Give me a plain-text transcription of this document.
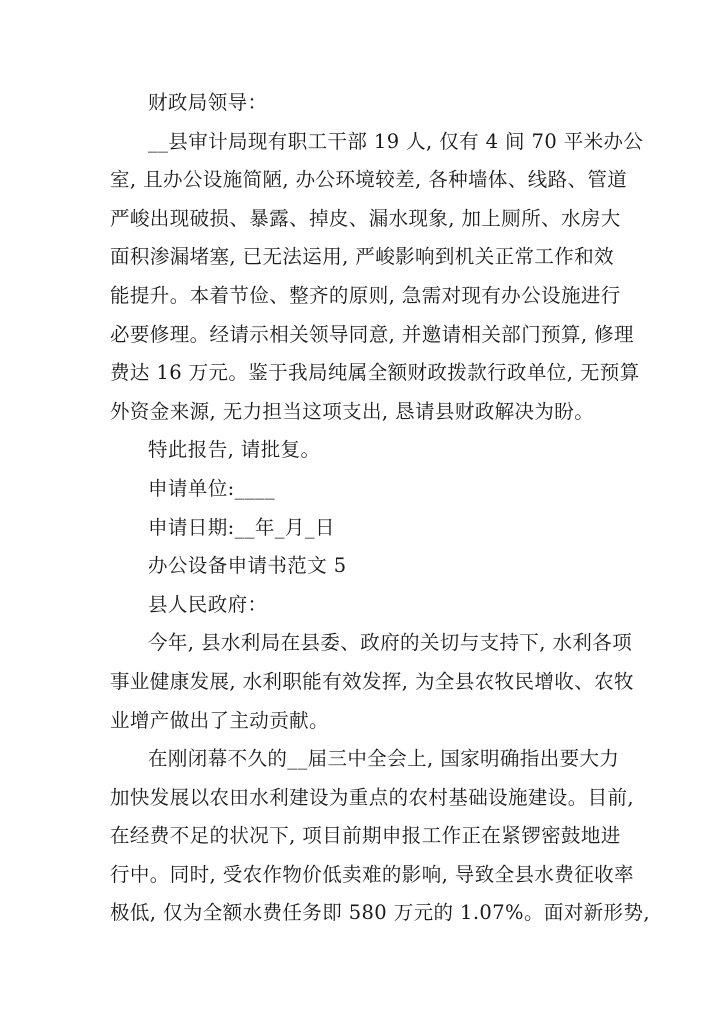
财政局领导：
__县审计局现有职工干部 19 人, 仅有 4 间 70 平米办公
室, 且办公设施简陋, 办公环境较差, 各种墙体、线路、管道
严峻出现破损、暴露、掉皮、漏水现象, 加上厕所、水房大
面积渗漏堵塞, 已无法运用, 严峻影响到机关正常工作和效
能提升。本着节俭、整齐的原则, 急需对现有办公设施进行
必要修理。经请示相关领导同意, 并邀请相关部门预算, 修理
费达 16 万元。鉴于我局纯属全额财政拨款行政单位, 无预算
外资金来源, 无力担当这项支出, 恳请县财政解决为盼。
特此报告, 请批复。
申请单位:____
申请日期:__年_月_日
办公设备申请书范文 5
县人民政府：
今年, 县水利局在县委、政府的关切与支持下, 水利各项
事业健康发展, 水利职能有效发挥, 为全县农牧民增收、农牧
业增产做出了主动贡献。
在刚闭幕不久的__届三中全会上, 国家明确指出要大力
加快发展以农田水利建设为重点的农村基础设施建设。目前,
在经费不足的状况下, 项目前期申报工作正在紧锣密鼓地进
行中。同时, 受农作物价低卖难的影响, 导致全县水费征收率
极低, 仅为全额水费任务即 580 万元的 1.07%。面对新形势,
